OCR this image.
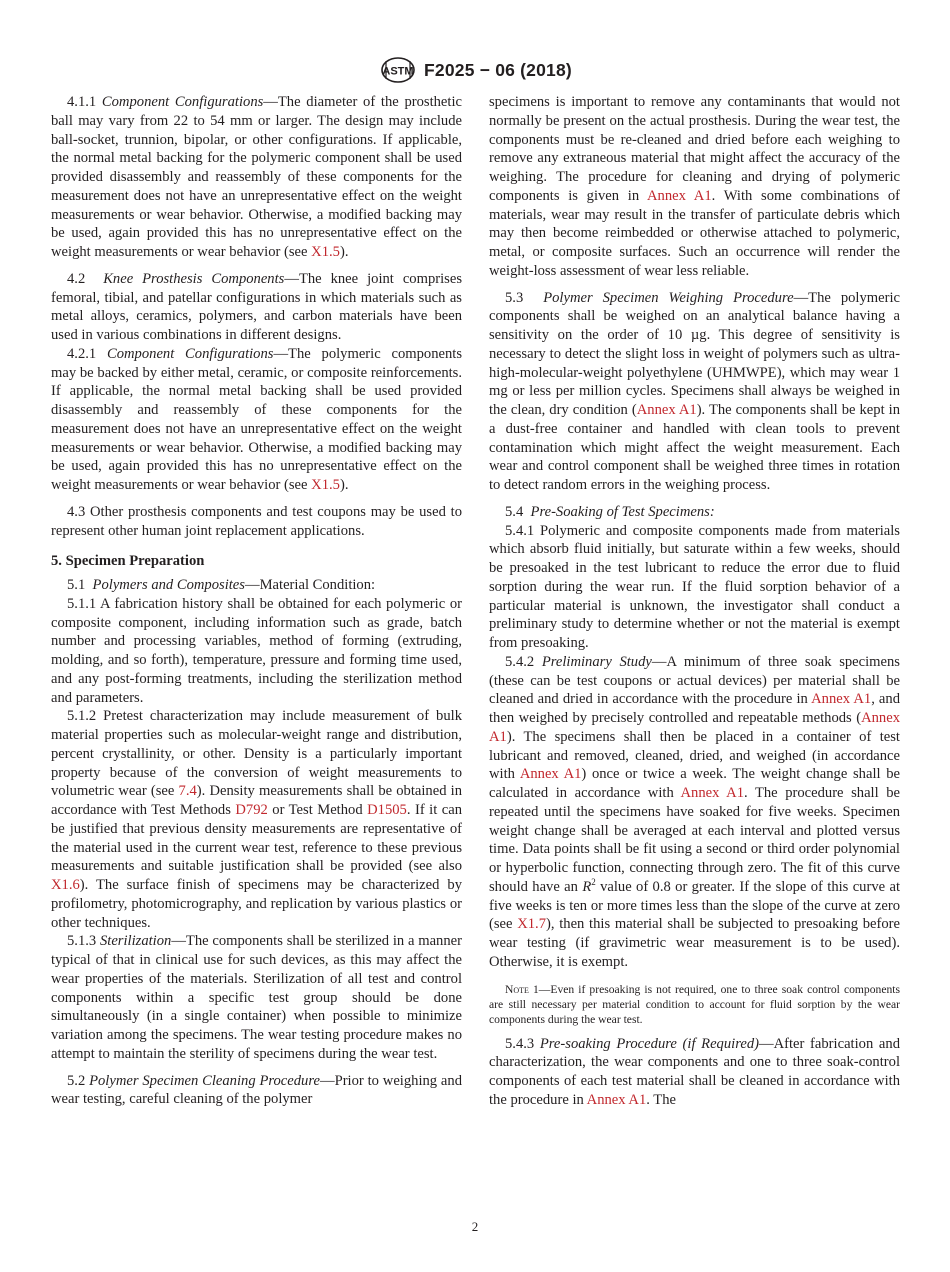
ASTM F2025 − 06 (2018)

4.1.1 Component Configurations—The diameter of the prosthetic ball may vary from 22 to 54 mm or larger. The design may include ball-socket, trunnion, bipolar, or other configurations. If applicable, the normal metal backing for the polymeric component shall be used provided disassembly and reassembly of these components for the measurement does not have an unrepresentative effect on the weight measurements or wear behavior. Otherwise, a modified backing may be used, again provided this has no unrepresentative effect on the weight measurements or wear behavior (see X1.5).

4.2 Knee Prosthesis Components—The knee joint comprises femoral, tibial, and patellar configurations in which materials such as metal alloys, ceramics, polymers, and carbon materials have been used in various combinations in different designs.

4.2.1 Component Configurations—The polymeric components may be backed by either metal, ceramic, or composite reinforcements. If applicable, the normal metal backing shall be used provided disassembly and reassembly of these components for the measurement does not have an unrepresentative effect on the weight measurements or wear behavior. Otherwise, a modified backing may be used, again provided this has no unrepresentative effect on the weight measurements or wear behavior (see X1.5).

4.3 Other prosthesis components and test coupons may be used to represent other human joint replacement applications.

5. Specimen Preparation

5.1 Polymers and Composites—Material Condition:

5.1.1 A fabrication history shall be obtained for each polymeric or composite component, including information such as grade, batch number and processing variables, method of forming (extruding, molding, and so forth), temperature, pressure and forming time used, and any post-forming treatments, including the sterilization method and parameters.

5.1.2 Pretest characterization may include measurement of bulk material properties such as molecular-weight range and distribution, percent crystallinity, or other. Density is a particularly important property because of the conversion of weight measurements to volumetric wear (see 7.4). Density measurements shall be obtained in accordance with Test Methods D792 or Test Method D1505. If it can be justified that previous density measurements are representative of the material used in the current wear test, reference to these previous measurements and suitable justification shall be provided (see also X1.6). The surface finish of specimens may be characterized by profilometry, photomicrography, and replication by various plastics or other techniques.

5.1.3 Sterilization—The components shall be sterilized in a manner typical of that in clinical use for such devices, as this may affect the wear properties of the materials. Sterilization of all test and control components within a specific test group should be done simultaneously (in a single container) when possible to minimize variation among the specimens. The wear testing procedure makes no attempt to maintain the sterility of specimens during the wear test.

5.2 Polymer Specimen Cleaning Procedure—Prior to weighing and wear testing, careful cleaning of the polymer

specimens is important to remove any contaminants that would not normally be present on the actual prosthesis. During the wear test, the components must be re-cleaned and dried before each weighing to remove any extraneous material that might affect the accuracy of the weighing. The procedure for cleaning and drying of polymeric components is given in Annex A1. With some combinations of materials, wear may result in the transfer of particulate debris which may then become reimbedded or otherwise attached to polymeric, metal, or composite surfaces. Such an occurrence will render the weight-loss assessment of wear less reliable.

5.3 Polymer Specimen Weighing Procedure—The polymeric components shall be weighed on an analytical balance having a sensitivity on the order of 10 µg. This degree of sensitivity is necessary to detect the slight loss in weight of polymers such as ultra-high-molecular-weight polyethylene (UHMWPE), which may wear 1 mg or less per million cycles. Specimens shall always be weighed in the clean, dry condition (Annex A1). The components shall be kept in a dust-free container and handled with clean tools to prevent contamination which might affect the weight measurement. Each wear and control component shall be weighed three times in rotation to detect random errors in the weighing process.

5.4 Pre-Soaking of Test Specimens:

5.4.1 Polymeric and composite components made from materials which absorb fluid initially, but saturate within a few weeks, should be presoaked in the test lubricant to reduce the error due to fluid sorption during the wear run. If the fluid sorption behavior of a particular material is unknown, the investigator shall conduct a preliminary study to determine whether or not the material is exempt from presoaking.

5.4.2 Preliminary Study—A minimum of three soak specimens (these can be test coupons or actual devices) per material shall be cleaned and dried in accordance with the procedure in Annex A1, and then weighed by precisely controlled and repeatable methods (Annex A1). The specimens shall then be placed in a container of test lubricant and removed, cleaned, dried, and weighed (in accordance with Annex A1) once or twice a week. The weight change shall be calculated in accordance with Annex A1. The procedure shall be repeated until the specimens have soaked for five weeks. Specimen weight change shall be averaged at each interval and plotted versus time. Data points shall be fit using a second or third order polynomial or hyperbolic function, connecting through zero. The fit of this curve should have an $R^2$ value of 0.8 or greater. If the slope of this curve at five weeks is ten or more times less than the slope of the curve at zero (see X1.7), then this material shall be subjected to presoaking before wear testing (if gravimetric wear measurement is to be used). Otherwise, it is exempt.

Note 1—Even if presoaking is not required, one to three soak control components are still necessary per material condition to account for fluid sorption by the wear components during the wear test.

5.4.3 Pre-soaking Procedure (if Required)—After fabrication and characterization, the wear components and one to three soak-control components of each test material shall be cleaned in accordance with the procedure in Annex A1. The

2
